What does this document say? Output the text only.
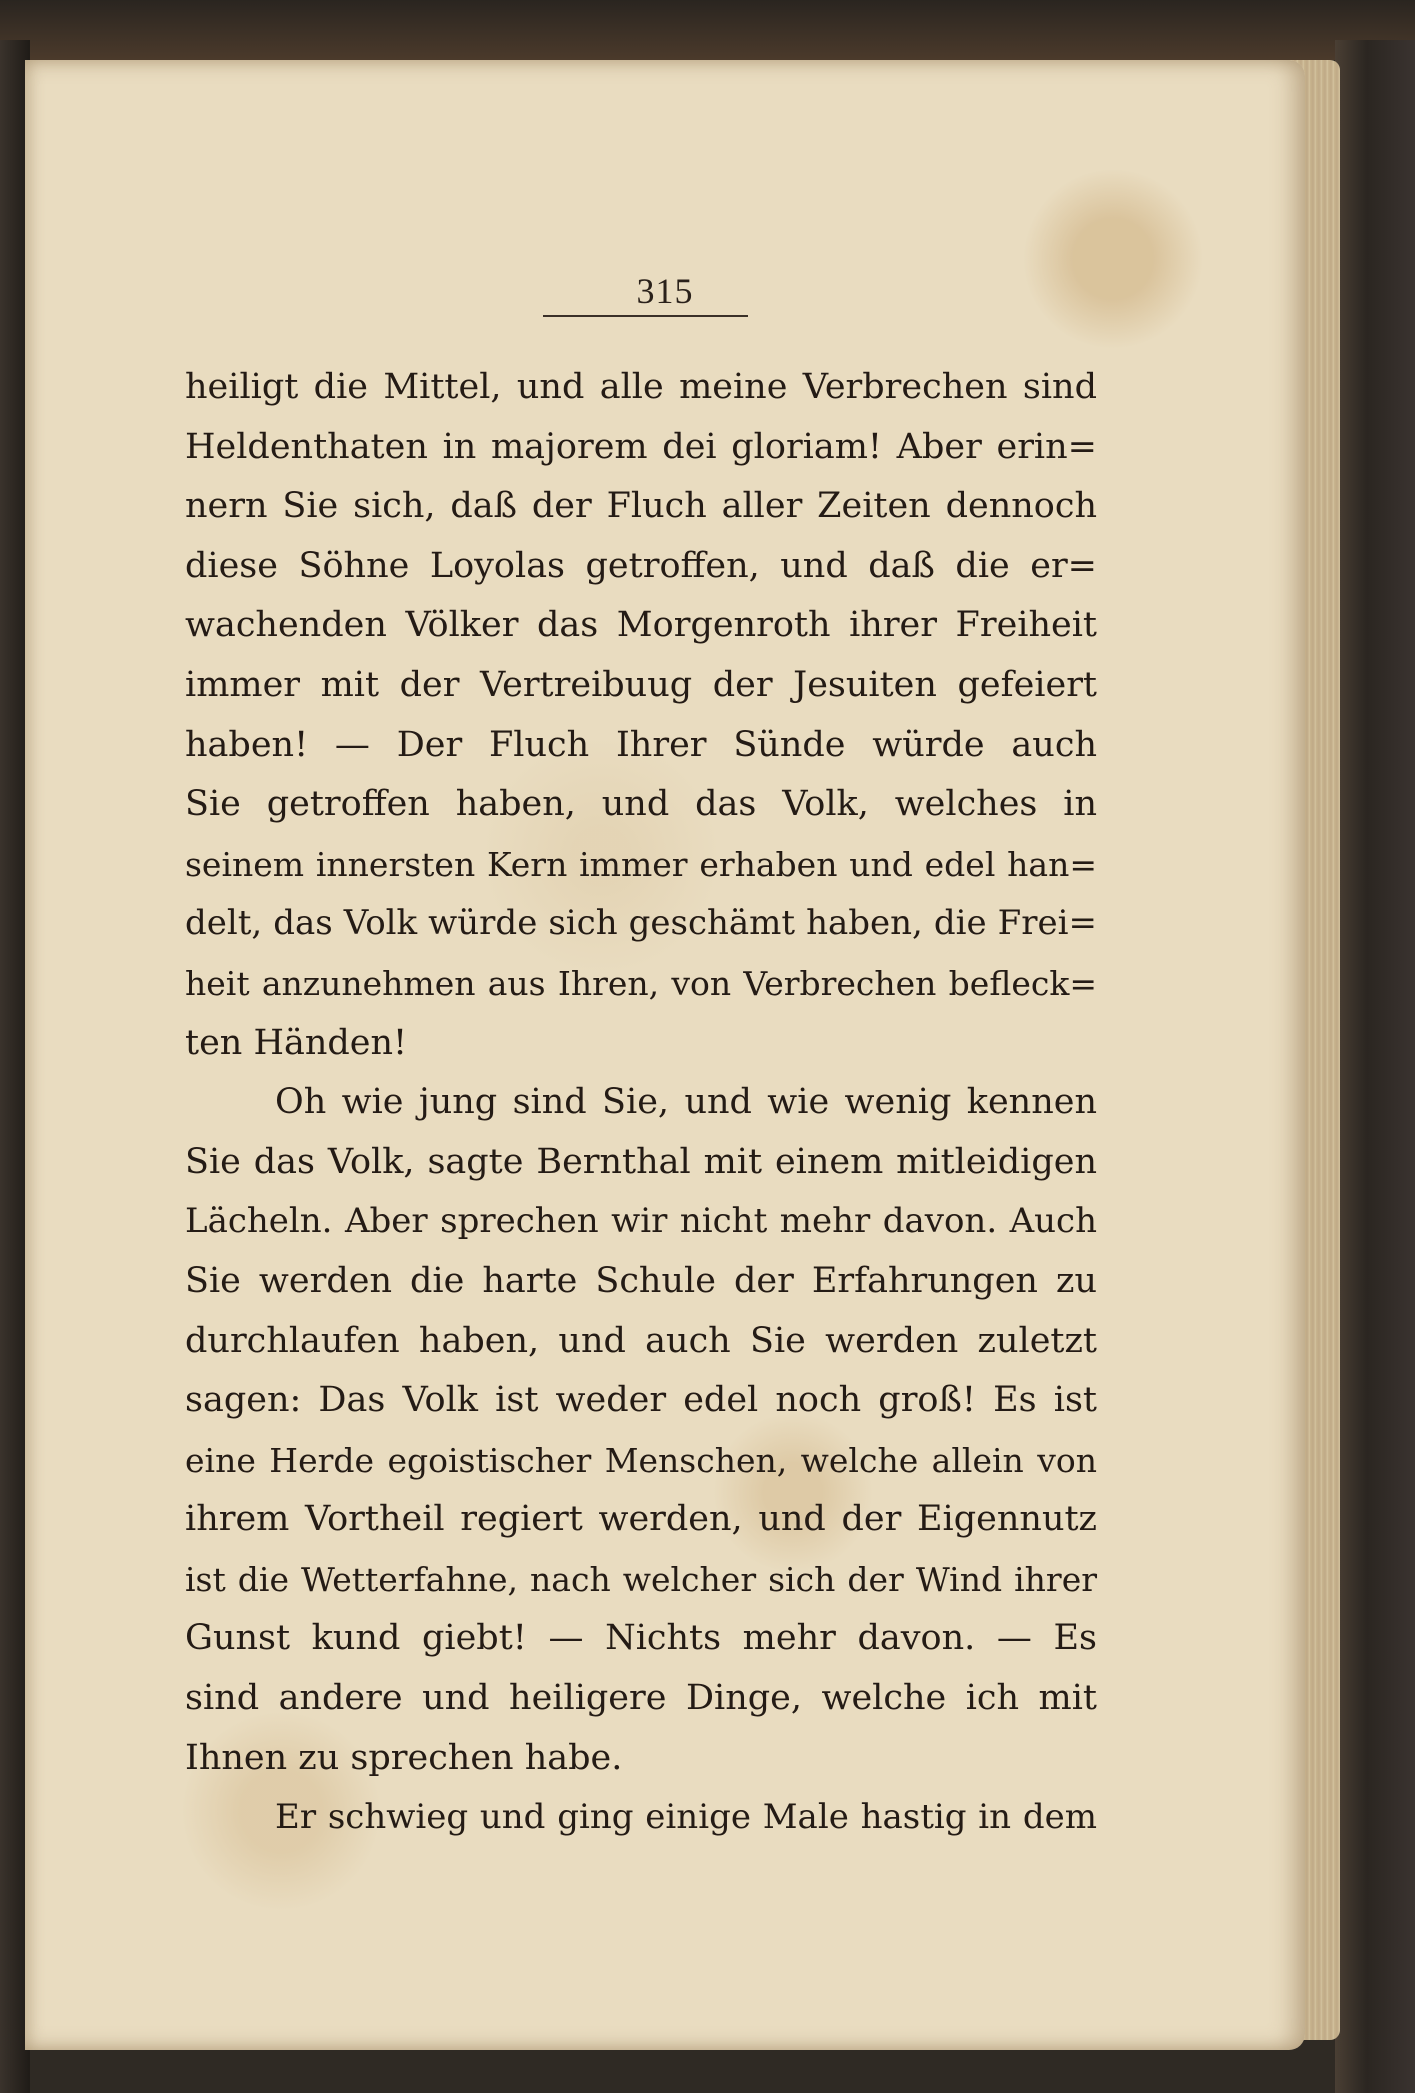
315
heiligt die Mittel, und alle meine Verbrechen sind
Heldenthaten in majorem dei gloriam! Aber erin=
nern Sie sich, daß der Fluch aller Zeiten dennoch
diese Söhne Loyolas getroffen, und daß die er=
wachenden Völker das Morgenroth ihrer Freiheit
immer mit der Vertreibuug der Jesuiten gefeiert
haben! — Der Fluch Ihrer Sünde würde auch
Sie getroffen haben, und das Volk, welches in
seinem innersten Kern immer erhaben und edel han=
delt, das Volk würde sich geschämt haben, die Frei=
heit anzunehmen aus Ihren, von Verbrechen befleck=
ten Händen!
Oh wie jung sind Sie, und wie wenig kennen
Sie das Volk, sagte Bernthal mit einem mitleidigen
Lächeln. Aber sprechen wir nicht mehr davon. Auch
Sie werden die harte Schule der Erfahrungen zu
durchlaufen haben, und auch Sie werden zuletzt
sagen: Das Volk ist weder edel noch groß! Es ist
eine Herde egoistischer Menschen, welche allein von
ihrem Vortheil regiert werden, und der Eigennutz
ist die Wetterfahne, nach welcher sich der Wind ihrer
Gunst kund giebt! — Nichts mehr davon. — Es
sind andere und heiligere Dinge, welche ich mit
Ihnen zu sprechen habe.
Er schwieg und ging einige Male hastig in dem
